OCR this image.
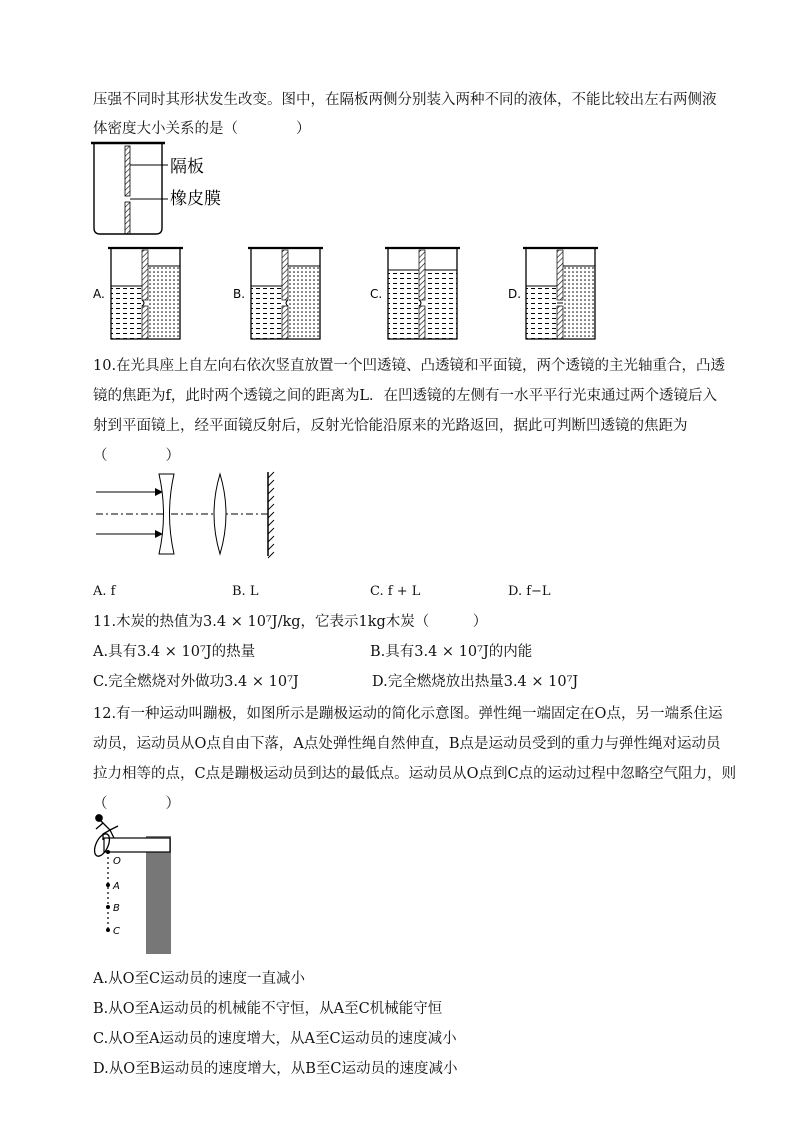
压强不同时其形状发生改变。图中，在隔板两侧分别装入两种不同的液体，不能比较出左右两侧液
体密度大小关系的是（　　　　）
隔板
橡皮膜
A.	B.	C.	D.
10.在光具座上自左向右依次竖直放置一个凹透镜、凸透镜和平面镜，两个透镜的主光轴重合，凸透
镜的焦距为f，此时两个透镜之间的距离为L．在凹透镜的左侧有一水平平行光束通过两个透镜后入
射到平面镜上，经平面镜反射后，反射光恰能沿原来的光路返回，据此可判断凹透镜的焦距为
（　　　　）
A. f	B. L	C. f + L	D. f−L
11.木炭的热值为3.4 × 10⁷J/kg，它表示1kg木炭（　　　）
A.具有3.4 × 10⁷J的热量	B.具有3.4 × 10⁷J的内能
C.完全燃烧对外做功3.4 × 10⁷J	D.完全燃烧放出热量3.4 × 10⁷J
12.有一种运动叫蹦极，如图所示是蹦极运动的简化示意图。弹性绳一端固定在O点，另一端系住运
动员，运动员从O点自由下落，A点处弹性绳自然伸直，B点是运动员受到的重力与弹性绳对运动员
拉力相等的点，C点是蹦极运动员到达的最低点。运动员从O点到C点的运动过程中忽略空气阻力，则
（　　　　）
O
A
B
C
A.从O至C运动员的速度一直减小
B.从O至A运动员的机械能不守恒，从A至C机械能守恒
C.从O至A运动员的速度增大，从A至C运动员的速度减小
D.从O至B运动员的速度增大，从B至C运动员的速度减小
